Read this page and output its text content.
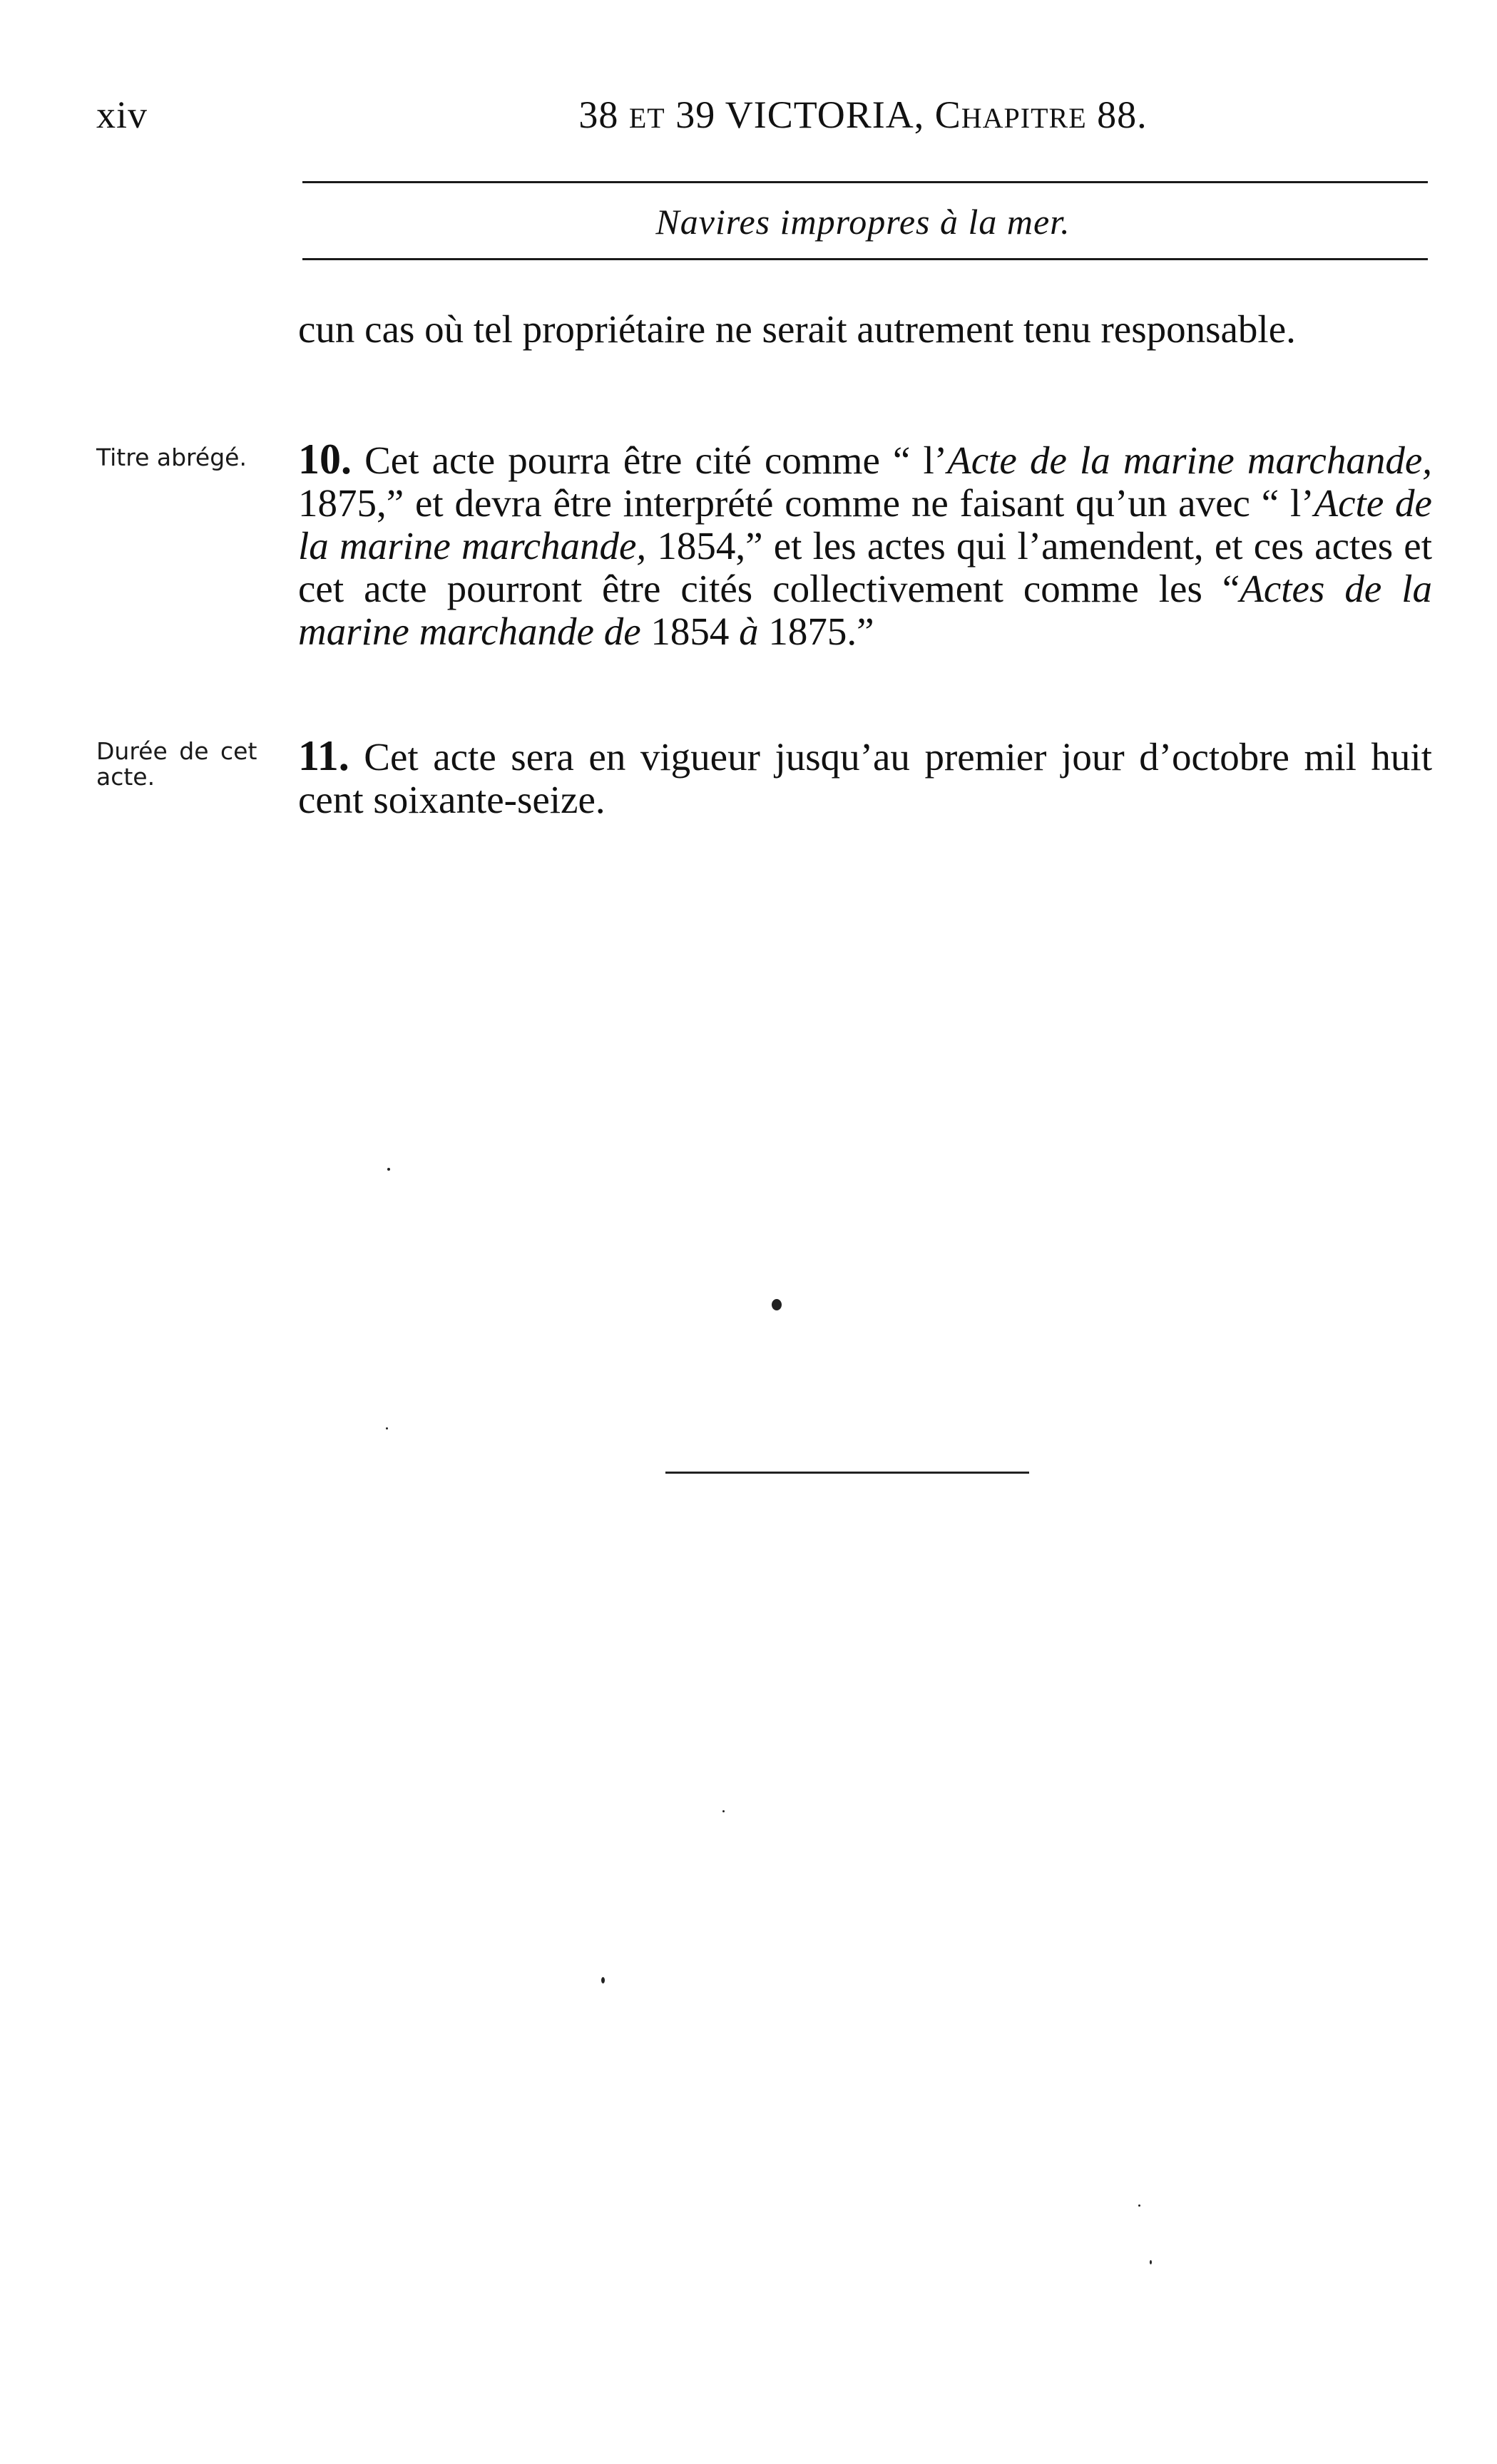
xiv	38 ET 39 VICTORIA, CHAPITRE 88.
Navires impropres à la mer.
cun cas où tel propriétaire ne serait autrement tenu responsable.
Titre abrégé.	10. Cet acte pourra être cité comme “ l’Acte de la marine marchande, 1875,” et devra être interprété comme ne faisant qu’un avec “ l’Acte de la marine marchande, 1854,” et les actes qui l’amendent, et ces actes et cet acte pourront être cités collectivement comme les “Actes de la marine marchande de 1854 à 1875.”
Durée de cet acte.	11. Cet acte sera en vigueur jusqu’au premier jour d’octobre mil huit cent soixante-seize.
